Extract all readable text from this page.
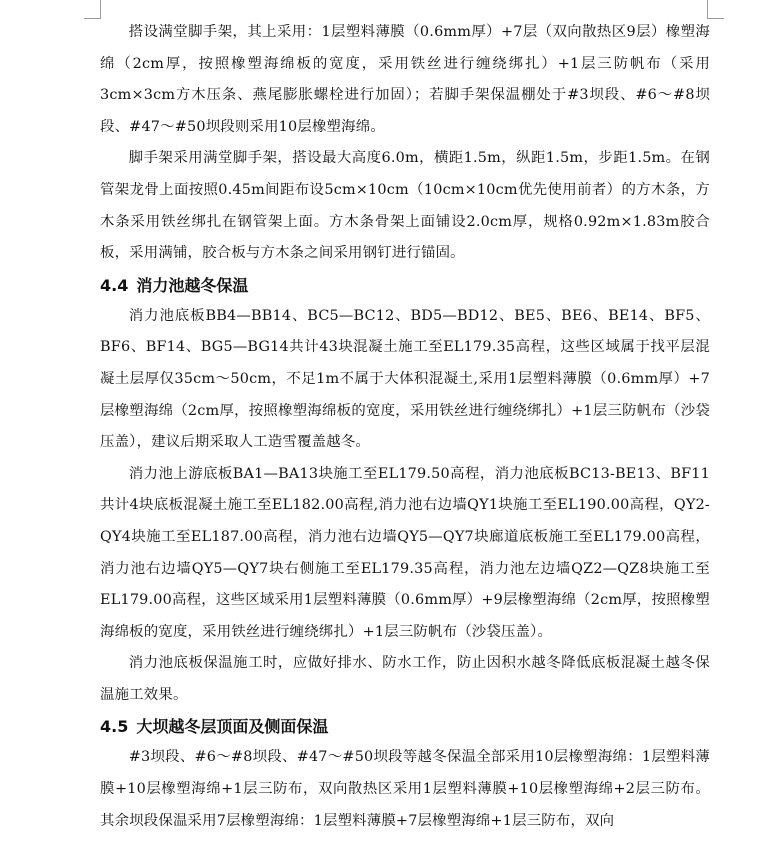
搭设满堂脚手架，其上采用：1层塑料薄膜（0.6mm厚）+7层（双向散热区9层）橡塑海绵（2cm厚，按照橡塑海绵板的宽度，采用铁丝进行缠绕绑扎）+1层三防帆布（采用3cm×3cm方木压条、燕尾膨胀螺栓进行加固）；若脚手架保温棚处于#3坝段、#6～#8坝段、#47～#50坝段则采用10层橡塑海绵。

脚手架采用满堂脚手架，搭设最大高度6.0m，横距1.5m，纵距1.5m，步距1.5m。在钢管架龙骨上面按照0.45m间距布设5cm×10cm（10cm×10cm优先使用前者）的方木条，方木条采用铁丝绑扎在钢管架上面。方木条骨架上面铺设2.0cm厚，规格0.92m×1.83m胶合板，采用满铺，胶合板与方木条之间采用钢钉进行锚固。

4.4 消力池越冬保温

消力池底板BB4—BB14、BC5—BC12、BD5—BD12、BE5、BE6、BE14、BF5、BF6、BF14、BG5—BG14共计43块混凝土施工至EL179.35高程，这些区域属于找平层混凝土层厚仅35cm～50cm，不足1m不属于大体积混凝土,采用1层塑料薄膜（0.6mm厚）+7层橡塑海绵（2cm厚，按照橡塑海绵板的宽度，采用铁丝进行缠绕绑扎）+1层三防帆布（沙袋压盖），建议后期采取人工造雪覆盖越冬。

消力池上游底板BA1—BA13块施工至EL179.50高程，消力池底板BC13-BE13、BF11共计4块底板混凝土施工至EL182.00高程,消力池右边墙QY1块施工至EL190.00高程，QY2-QY4块施工至EL187.00高程，消力池右边墙QY5—QY7块廊道底板施工至EL179.00高程，消力池右边墙QY5—QY7块右侧施工至EL179.35高程，消力池左边墙QZ2—QZ8块施工至EL179.00高程，这些区域采用1层塑料薄膜（0.6mm厚）+9层橡塑海绵（2cm厚，按照橡塑海绵板的宽度，采用铁丝进行缠绕绑扎）+1层三防帆布（沙袋压盖）。

消力池底板保温施工时，应做好排水、防水工作，防止因积水越冬降低底板混凝土越冬保温施工效果。

4.5 大坝越冬层顶面及侧面保温

#3坝段、#6～#8坝段、#47～#50坝段等越冬保温全部采用10层橡塑海绵：1层塑料薄膜+10层橡塑海绵+1层三防布，双向散热区采用1层塑料薄膜+10层橡塑海绵+2层三防布。其余坝段保温采用7层橡塑海绵：1层塑料薄膜+7层橡塑海绵+1层三防布，双向
